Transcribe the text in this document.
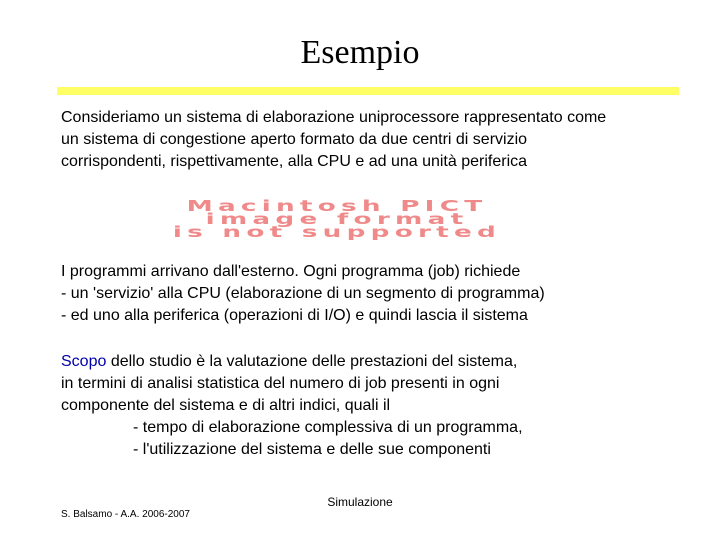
Esempio
Consideriamo un sistema di elaborazione uniprocessore rappresentato come
un sistema di congestione aperto formato da due centri di servizio
corrispondenti, rispettivamente, alla CPU e ad una unità periferica
Macintosh PICT
image format
is not supported
I programmi arrivano dall'esterno. Ogni programma (job) richiede
- un 'servizio' alla CPU (elaborazione di un segmento di programma)
- ed uno alla periferica (operazioni di I/O) e quindi lascia il sistema
Scopo dello studio è la valutazione delle prestazioni del sistema,
in termini di analisi statistica del numero di job presenti in ogni
componente del sistema e di altri indici, quali il
- tempo di elaborazione complessiva di un programma,
- l'utilizzazione del sistema e delle sue componenti
Simulazione
S. Balsamo - A.A. 2006-2007
